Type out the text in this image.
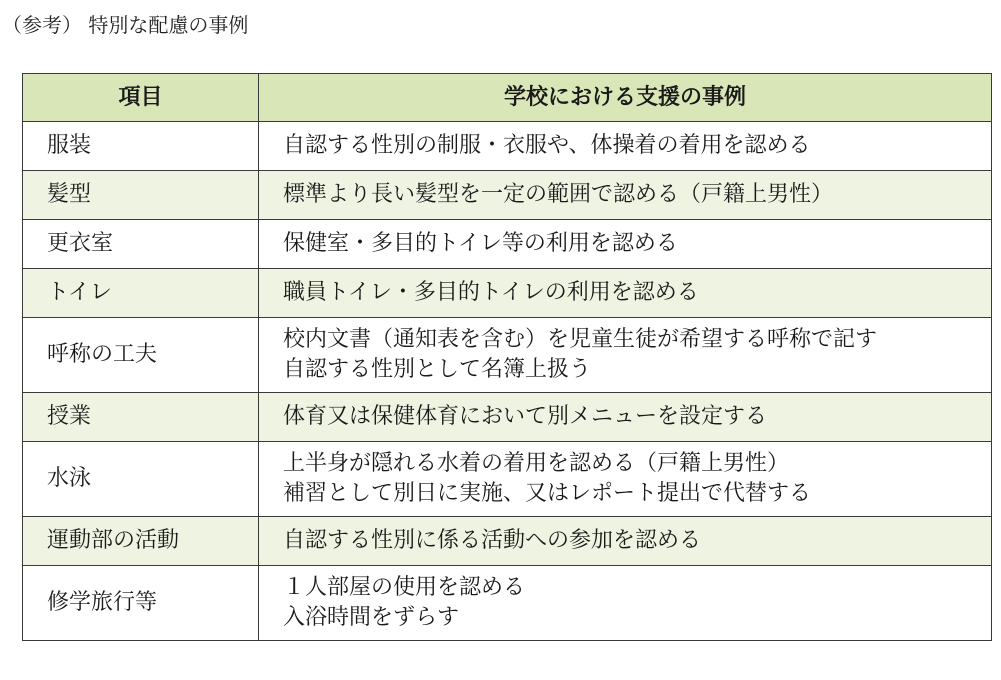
（参考） 特別な配慮の事例
項目	学校における支援の事例
服装	自認する性別の制服・衣服や、体操着の着用を認める

髪型	標準より長い髪型を一定の範囲で認める（戸籍上男性）

更衣室	保健室・多目的トイレ等の利用を認める

トイレ	職員トイレ・多目的トイレの利用を認める

呼称の工夫	校内文書（通知表を含む）を児童生徒が希望する呼称で記す
自認する性別として名簿上扱う

授業	体育又は保健体育において別メニューを設定する

水泳	上半身が隠れる水着の着用を認める（戸籍上男性）
補習として別日に実施、又はレポート提出で代替する

運動部の活動	自認する性別に係る活動への参加を認める

修学旅行等	１人部屋の使用を認める
入浴時間をずらす
